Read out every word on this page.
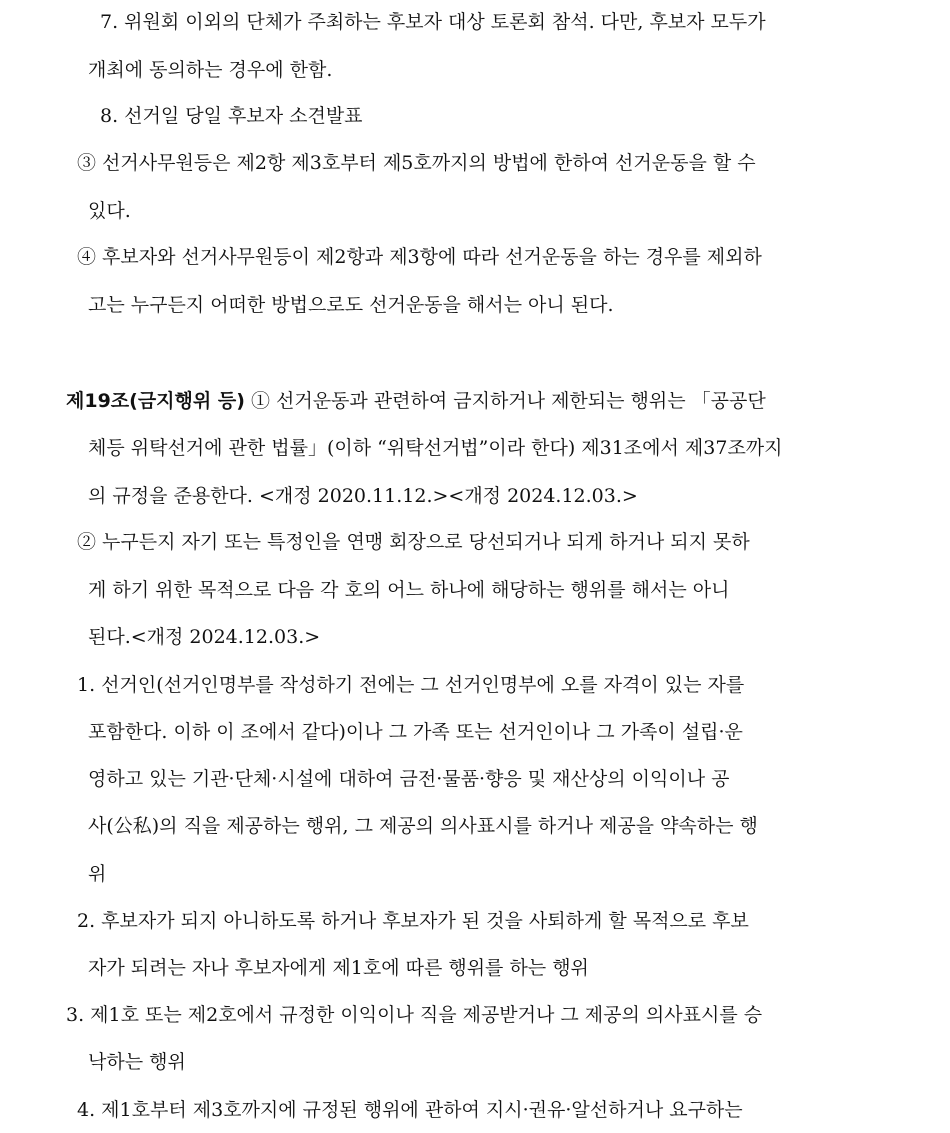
7. 위원회 이외의 단체가 주최하는 후보자 대상 토론회 참석. 다만, 후보자 모두가
개최에 동의하는 경우에 한함.
8. 선거일 당일 후보자 소견발표
③ 선거사무원등은 제2항 제3호부터 제5호까지의 방법에 한하여 선거운동을 할 수
있다.
④ 후보자와 선거사무원등이 제2항과 제3항에 따라 선거운동을 하는 경우를 제외하
고는 누구든지 어떠한 방법으로도 선거운동을 해서는 아니 된다.
제19조(금지행위 등) ① 선거운동과 관련하여 금지하거나 제한되는 행위는 「공공단
체등 위탁선거에 관한 법률」(이하 “위탁선거법”이라 한다) 제31조에서 제37조까지
의 규정을 준용한다. <개정 2020.11.12.><개정 2024.12.03.>
② 누구든지 자기 또는 특정인을 연맹 회장으로 당선되거나 되게 하거나 되지 못하
게 하기 위한 목적으로 다음 각 호의 어느 하나에 해당하는 행위를 해서는 아니
된다.<개정 2024.12.03.>
1. 선거인(선거인명부를 작성하기 전에는 그 선거인명부에 오를 자격이 있는 자를
포함한다. 이하 이 조에서 같다)이나 그 가족 또는 선거인이나 그 가족이 설립·운
영하고 있는 기관·단체·시설에 대하여 금전·물품·향응 및 재산상의 이익이나 공
사(公私)의 직을 제공하는 행위, 그 제공의 의사표시를 하거나 제공을 약속하는 행
위
2. 후보자가 되지 아니하도록 하거나 후보자가 된 것을 사퇴하게 할 목적으로 후보
자가 되려는 자나 후보자에게 제1호에 따른 행위를 하는 행위
3. 제1호 또는 제2호에서 규정한 이익이나 직을 제공받거나 그 제공의 의사표시를 승
낙하는 행위
4. 제1호부터 제3호까지에 규정된 행위에 관하여 지시·권유·알선하거나 요구하는
